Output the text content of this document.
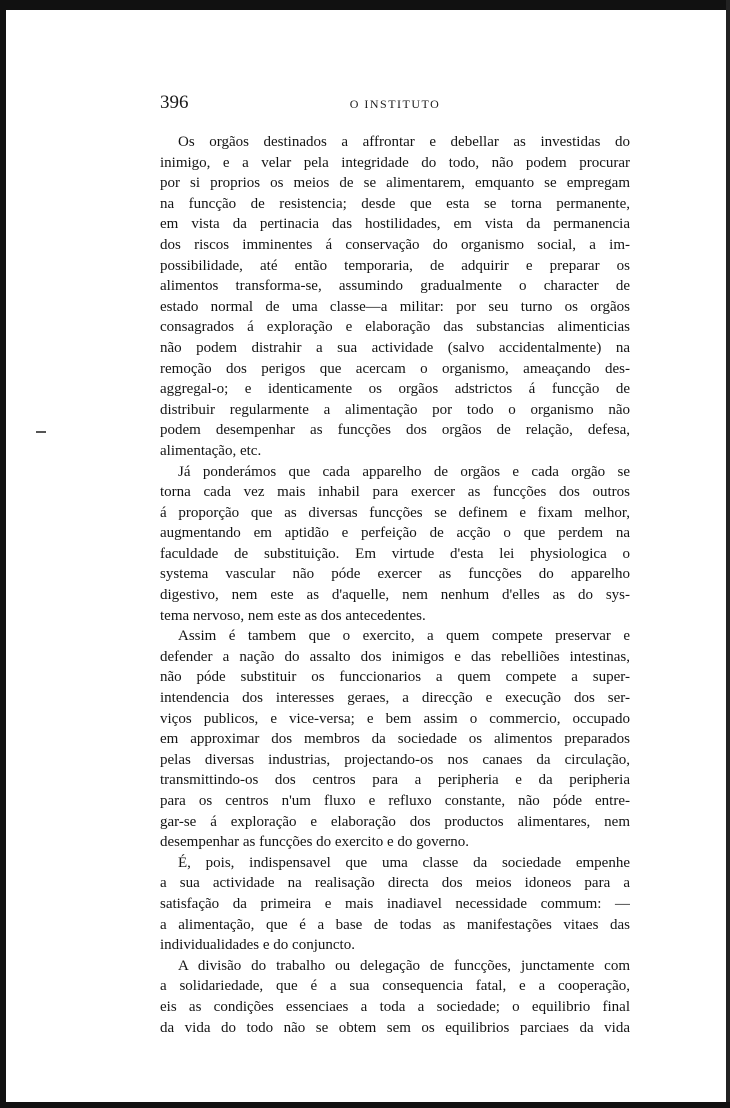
396	O INSTITUTO
Os orgãos destinados a affrontar e debellar as investidas do
inimigo, e a velar pela integridade do todo, não podem procurar
por si proprios os meios de se alimentarem, emquanto se empregam
na funcção de resistencia; desde que esta se torna permanente,
em vista da pertinacia das hostilidades, em vista da permanencia
dos riscos imminentes á conservação do organismo social, a im-
possibilidade, até então temporaria, de adquirir e preparar os
alimentos transforma-se, assumindo gradualmente o character de
estado normal de uma classe—a militar: por seu turno os orgãos
consagrados á exploração e elaboração das substancias alimenticias
não podem distrahir a sua actividade (salvo accidentalmente) na
remoção dos perigos que acercam o organismo, ameaçando des-
aggregal-o; e identicamente os orgãos adstrictos á funcção de
distribuir regularmente a alimentação por todo o organismo não
podem desempenhar as funcções dos orgãos de relação, defesa,
alimentação, etc.
Já ponderámos que cada apparelho de orgãos e cada orgão se
torna cada vez mais inhabil para exercer as funcções dos outros
á proporção que as diversas funcções se definem e fixam melhor,
augmentando em aptidão e perfeição de acção o que perdem na
faculdade de substituição. Em virtude d'esta lei physiologica o
systema vascular não póde exercer as funcções do apparelho
digestivo, nem este as d'aquelle, nem nenhum d'elles as do sys-
tema nervoso, nem este as dos antecedentes.
Assim é tambem que o exercito, a quem compete preservar e
defender a nação do assalto dos inimigos e das rebelliões intestinas,
não póde substituir os funccionarios a quem compete a super-
intendencia dos interesses geraes, a direcção e execução dos ser-
viços publicos, e vice-versa; e bem assim o commercio, occupado
em approximar dos membros da sociedade os alimentos preparados
pelas diversas industrias, projectando-os nos canaes da circulação,
transmittindo-os dos centros para a peripheria e da peripheria
para os centros n'um fluxo e refluxo constante, não póde entre-
gar-se á exploração e elaboração dos productos alimentares, nem
desempenhar as funcções do exercito e do governo.
É, pois, indispensavel que uma classe da sociedade empenhe
a sua actividade na realisação directa dos meios idoneos para a
satisfação da primeira e mais inadiavel necessidade commum: —
a alimentação, que é a base de todas as manifestações vitaes das
individualidades e do conjuncto.
A divisão do trabalho ou delegação de funcções, junctamente com
a solidariedade, que é a sua consequencia fatal, e a cooperação,
eis as condições essenciaes a toda a sociedade; o equilibrio final
da vida do todo não se obtem sem os equilibrios parciaes da vida
